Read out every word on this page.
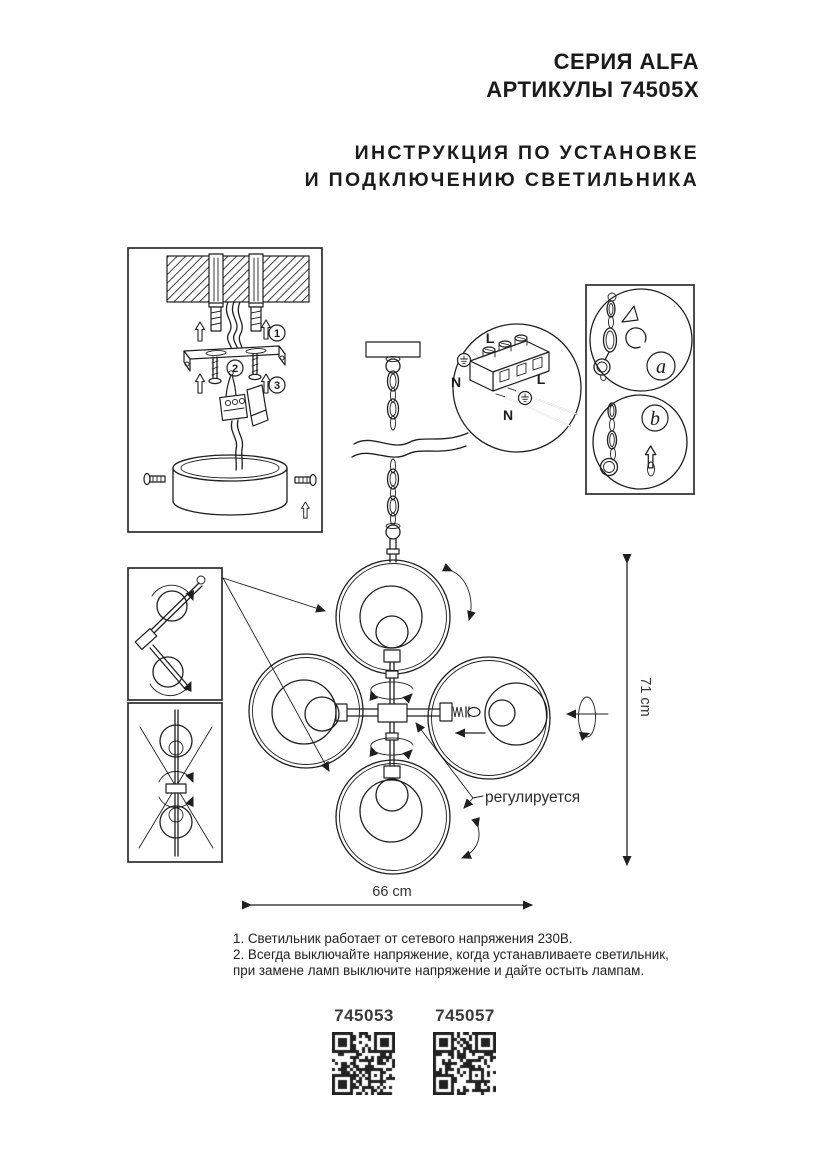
СЕРИЯ ALFA
АРТИКУЛЫ 74505X
ИНСТРУКЦИЯ ПО УСТАНОВКЕ
И ПОДКЛЮЧЕНИЮ СВЕТИЛЬНИКА
1
2
3
L
N	L
N
a
b
регулируется
71 cm
66 cm
1. Светильник работает от сетевого напряжения 230В.
2. Всегда выключайте напряжение, когда устанавливаете светильник,
при замене ламп выключите напряжение и дайте остыть лампам.
745053 745057
